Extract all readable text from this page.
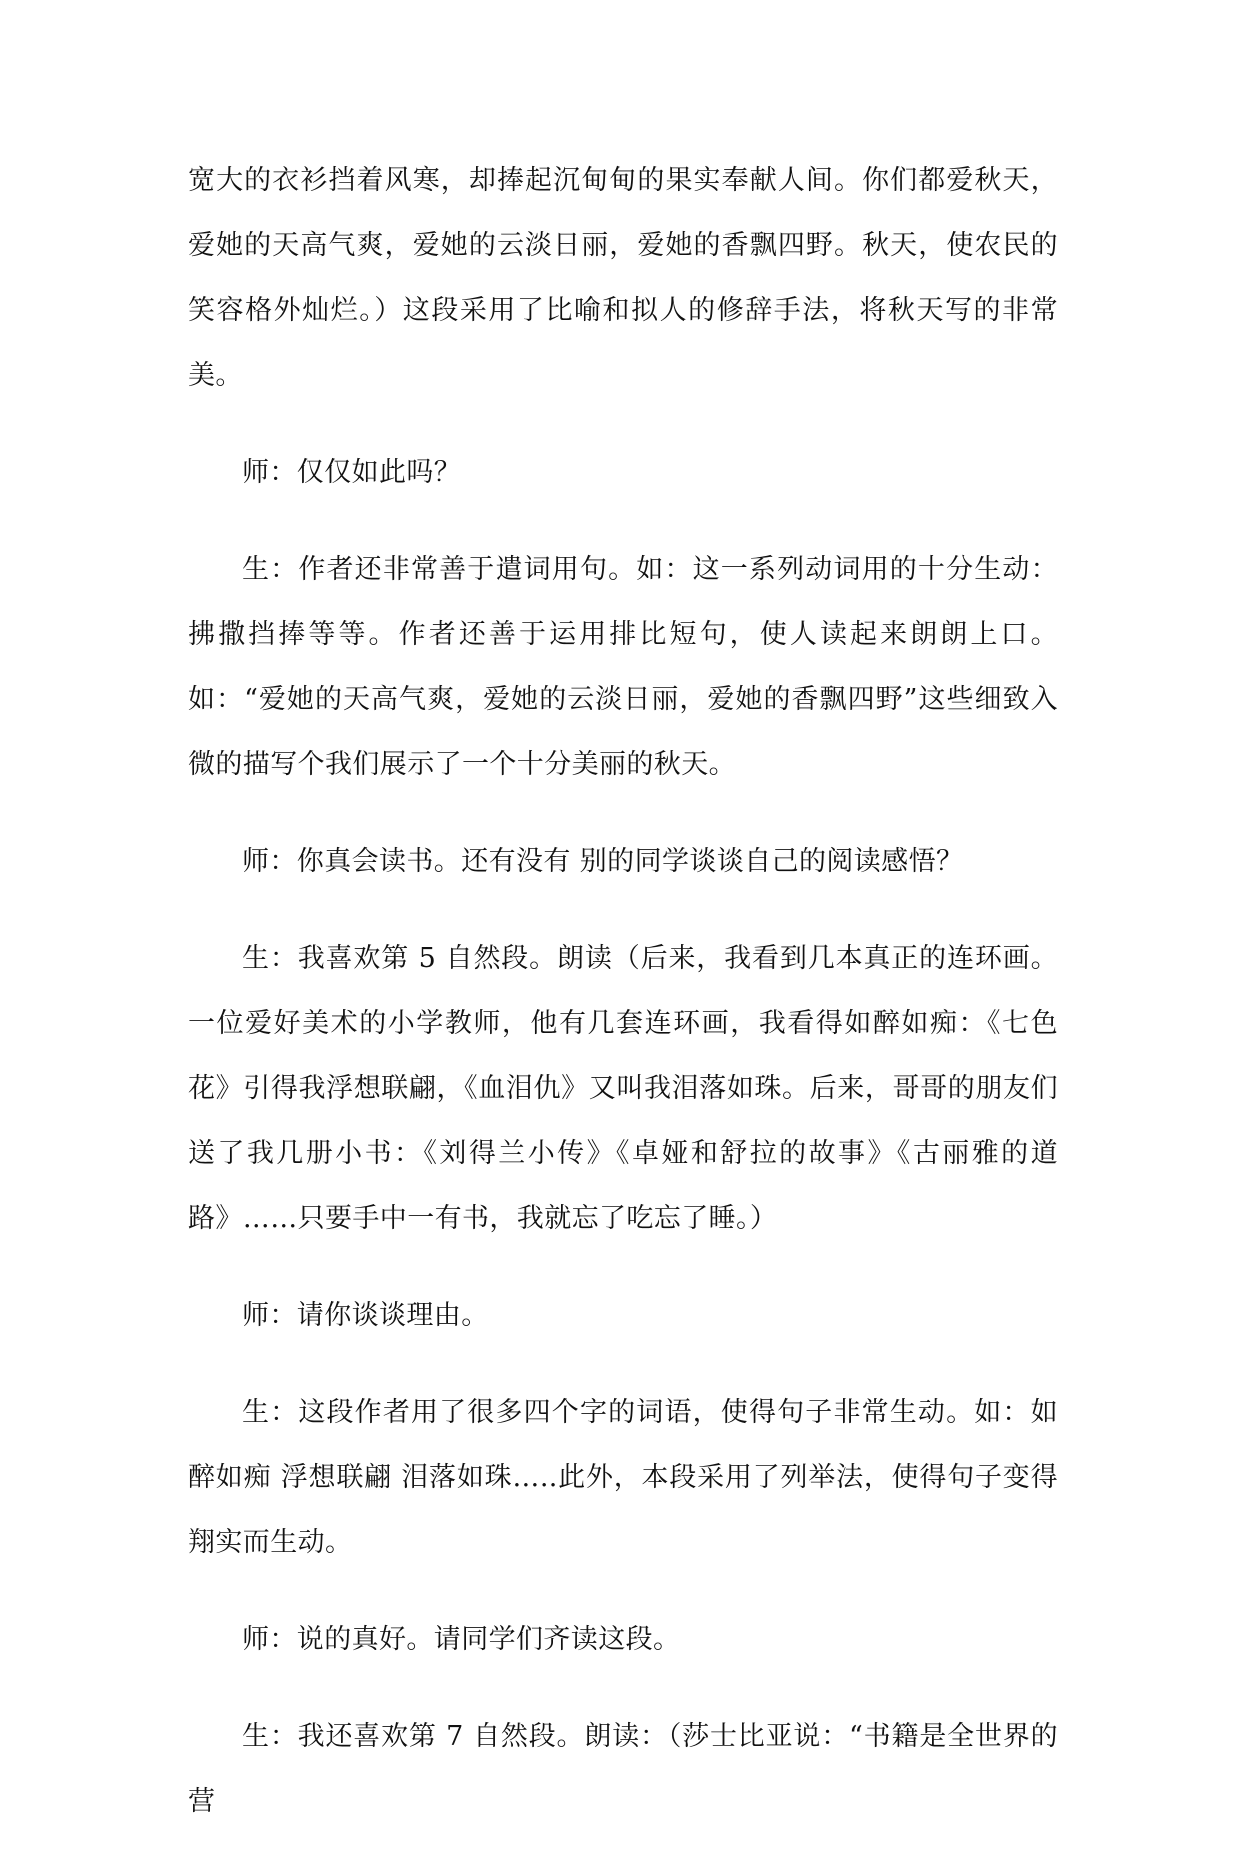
宽大的衣衫挡着风寒，却捧起沉甸甸的果实奉献人间。你们都爱秋天，爱她的天高气爽，爱她的云淡日丽，爱她的香飘四野。秋天，使农民的笑容格外灿烂。）这段采用了比喻和拟人的修辞手法，将秋天写的非常美。

师：仅仅如此吗？

生：作者还非常善于遣词用句。如：这一系列动词用的十分生动：拂撒挡捧等等。作者还善于运用排比短句，使人读起来朗朗上口。如：“爱她的天高气爽，爱她的云淡日丽，爱她的香飘四野”这些细致入微的描写个我们展示了一个十分美丽的秋天。

师：你真会读书。还有没有 别的同学谈谈自己的阅读感悟？

生：我喜欢第 5 自然段。朗读（后来，我看到几本真正的连环画。一位爱好美术的小学教师，他有几套连环画，我看得如醉如痴：《七色花》引得我浮想联翩，《血泪仇》又叫我泪落如珠。后来，哥哥的朋友们送了我几册小书：《刘得兰小传》《卓娅和舒拉的故事》《古丽雅的道路》……只要手中一有书，我就忘了吃忘了睡。）

师：请你谈谈理由。

生：这段作者用了很多四个字的词语，使得句子非常生动。如：如醉如痴 浮想联翩 泪落如珠…..此外，本段采用了列举法，使得句子变得翔实而生动。

师：说的真好。请同学们齐读这段。

生：我还喜欢第 7 自然段。朗读：（莎士比亚说：“书籍是全世界的营
